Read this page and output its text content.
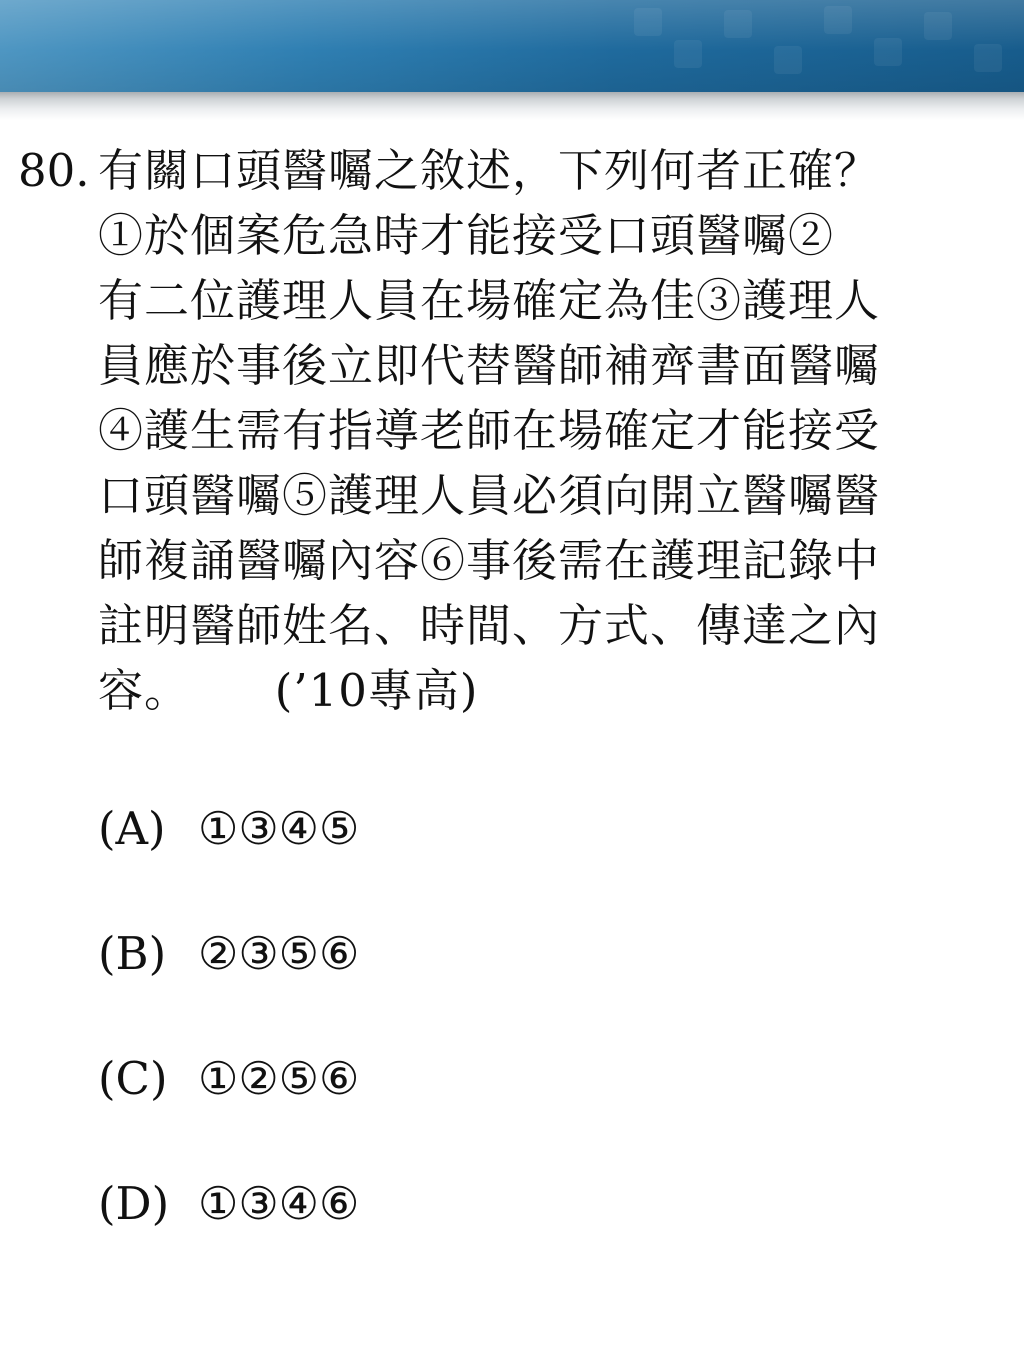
80. 有關口頭醫囑之敘述，下列何者正確？
①於個案危急時才能接受口頭醫囑②
有二位護理人員在場確定為佳③護理人
員應於事後立即代替醫師補齊書面醫囑
④護生需有指導老師在場確定才能接受
口頭醫囑⑤護理人員必須向開立醫囑醫
師複誦醫囑內容⑥事後需在護理記錄中
註明醫師姓名、時間、方式、傳達之內
容。　　 (’10專高)
(A) ①③④⑤
(B) ②③⑤⑥
(C) ①②⑤⑥
(D) ①③④⑥
